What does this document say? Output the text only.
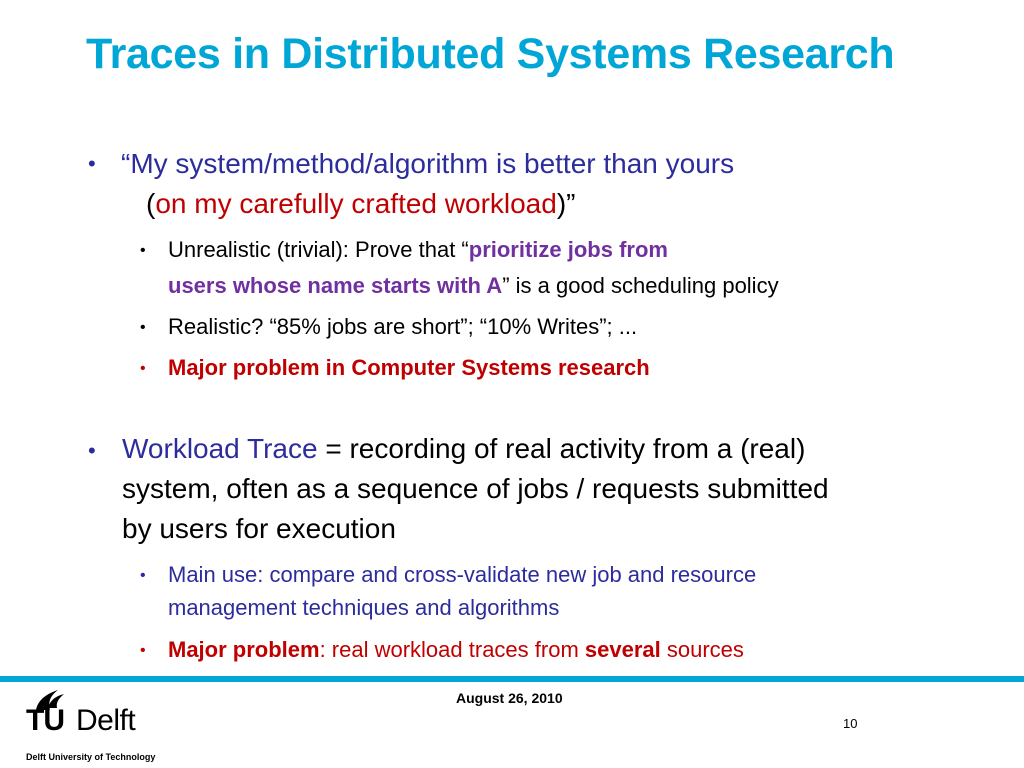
Traces in Distributed Systems Research
• “My system/method/algorithm is better than yours
(on my carefully crafted workload)”
• Unrealistic (trivial): Prove that “prioritize jobs from
users whose name starts with A” is a good scheduling policy
• Realistic? “85% jobs are short”; “10% Writes”; ...
• Major problem in Computer Systems research
• Workload Trace = recording of real activity from a (real)
system, often as a sequence of jobs / requests submitted
by users for execution
• Main use: compare and cross-validate new job and resource
management techniques and algorithms
• Major problem: real workload traces from several sources
TU Delft
Delft University of Technology
August 26, 2010
10
